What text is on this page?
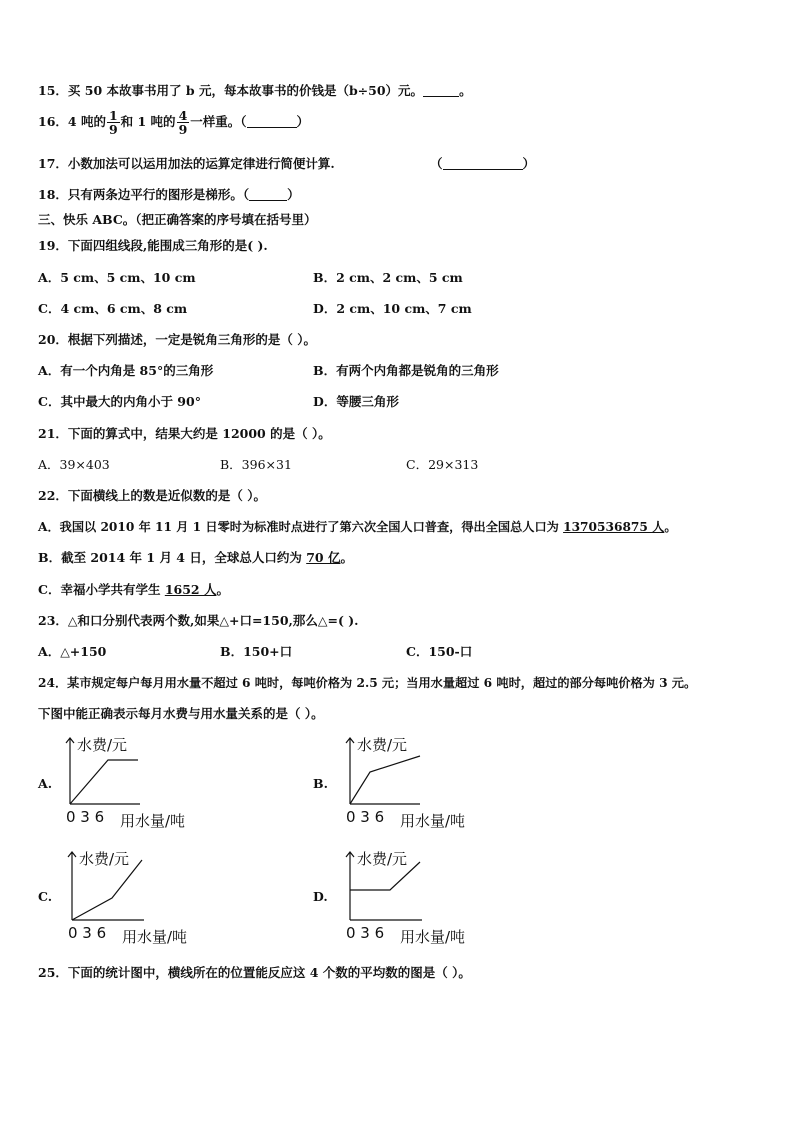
15．买 50 本故事书用了 b 元，每本故事书的价钱是（b÷50）元。	。
16．4 吨的 $\frac{1}{9}$ 和 1 吨的 $\frac{4}{9}$ 一样重。（	）
17．小数加法可以运用加法的运算定律进行简便计算.	（	）
18．只有两条边平行的图形是梯形。（	）
三、快乐 ABC。（把正确答案的序号填在括号里）
19．下面四组线段,能围成三角形的是( ).
A．5 cm、5 cm、10 cm	B．2 cm、2 cm、5 cm
C．4 cm、6 cm、8 cm	D．2 cm、10 cm、7 cm
20．根据下列描述，一定是锐角三角形的是（ ）。
A．有一个内角是 85°的三角形	B．有两个内角都是锐角的三角形
C．其中最大的内角小于 90°	D．等腰三角形
21．下面的算式中，结果大约是 12000 的是（ ）。
A．39×403	B．396×31	C．29×313
22．下面横线上的数是近似数的是（ ）。
A．我国以 2010 年 11 月 1 日零时为标准时点进行了第六次全国人口普查，得出全国总人口为 1370536875 人。
B．截至 2014 年 1 月 4 日，全球总人口约为 70 亿。
C．幸福小学共有学生 1652 人。
23．△和口分别代表两个数,如果△+口=150,那么△=( ).
A．△+150	B．150+口	C．150-口
24．某市规定每户每月用水量不超过 6 吨时，每吨价格为 2.5 元；当用水量超过 6 吨时，超过的部分每吨价格为 3 元。
下图中能正确表示每月水费与用水量关系的是（ ）。
A.
水费/元
0 3 6 用水量/吨
B.
水费/元
0 3 6 用水量/吨
C.
水费/元
0 3 6 用水量/吨
D.
水费/元
0 3 6 用水量/吨
25．下面的统计图中，横线所在的位置能反应这 4 个数的平均数的图是（ ）。
